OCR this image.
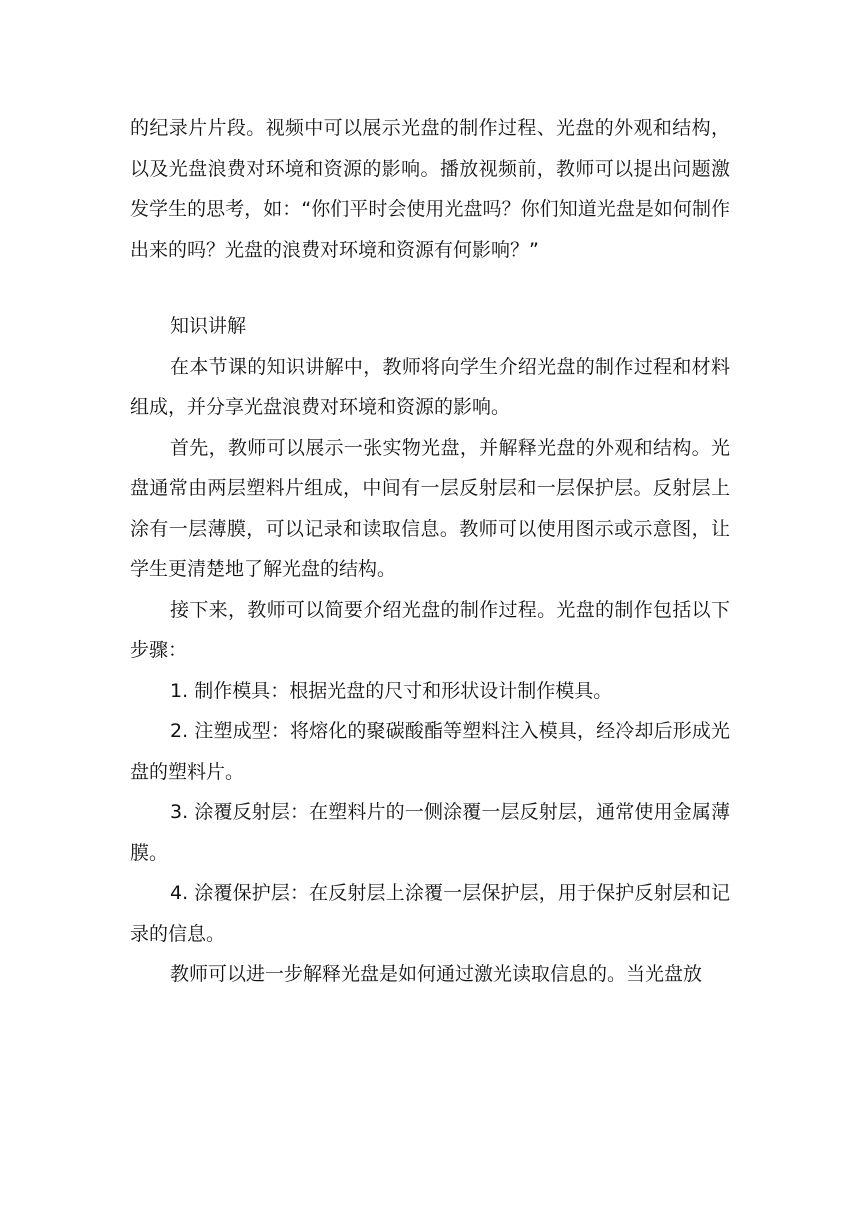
的纪录片片段。视频中可以展示光盘的制作过程、光盘的外观和结构，以及光盘浪费对环境和资源的影响。播放视频前，教师可以提出问题激发学生的思考，如：“你们平时会使用光盘吗？你们知道光盘是如何制作出来的吗？光盘的浪费对环境和资源有何影响？”

知识讲解

在本节课的知识讲解中，教师将向学生介绍光盘的制作过程和材料组成，并分享光盘浪费对环境和资源的影响。

首先，教师可以展示一张实物光盘，并解释光盘的外观和结构。光盘通常由两层塑料片组成，中间有一层反射层和一层保护层。反射层上涂有一层薄膜，可以记录和读取信息。教师可以使用图示或示意图，让学生更清楚地了解光盘的结构。

接下来，教师可以简要介绍光盘的制作过程。光盘的制作包括以下步骤：

1. 制作模具：根据光盘的尺寸和形状设计制作模具。

2. 注塑成型：将熔化的聚碳酸酯等塑料注入模具，经冷却后形成光盘的塑料片。

3. 涂覆反射层：在塑料片的一侧涂覆一层反射层，通常使用金属薄膜。

4. 涂覆保护层：在反射层上涂覆一层保护层，用于保护反射层和记录的信息。

教师可以进一步解释光盘是如何通过激光读取信息的。当光盘放
